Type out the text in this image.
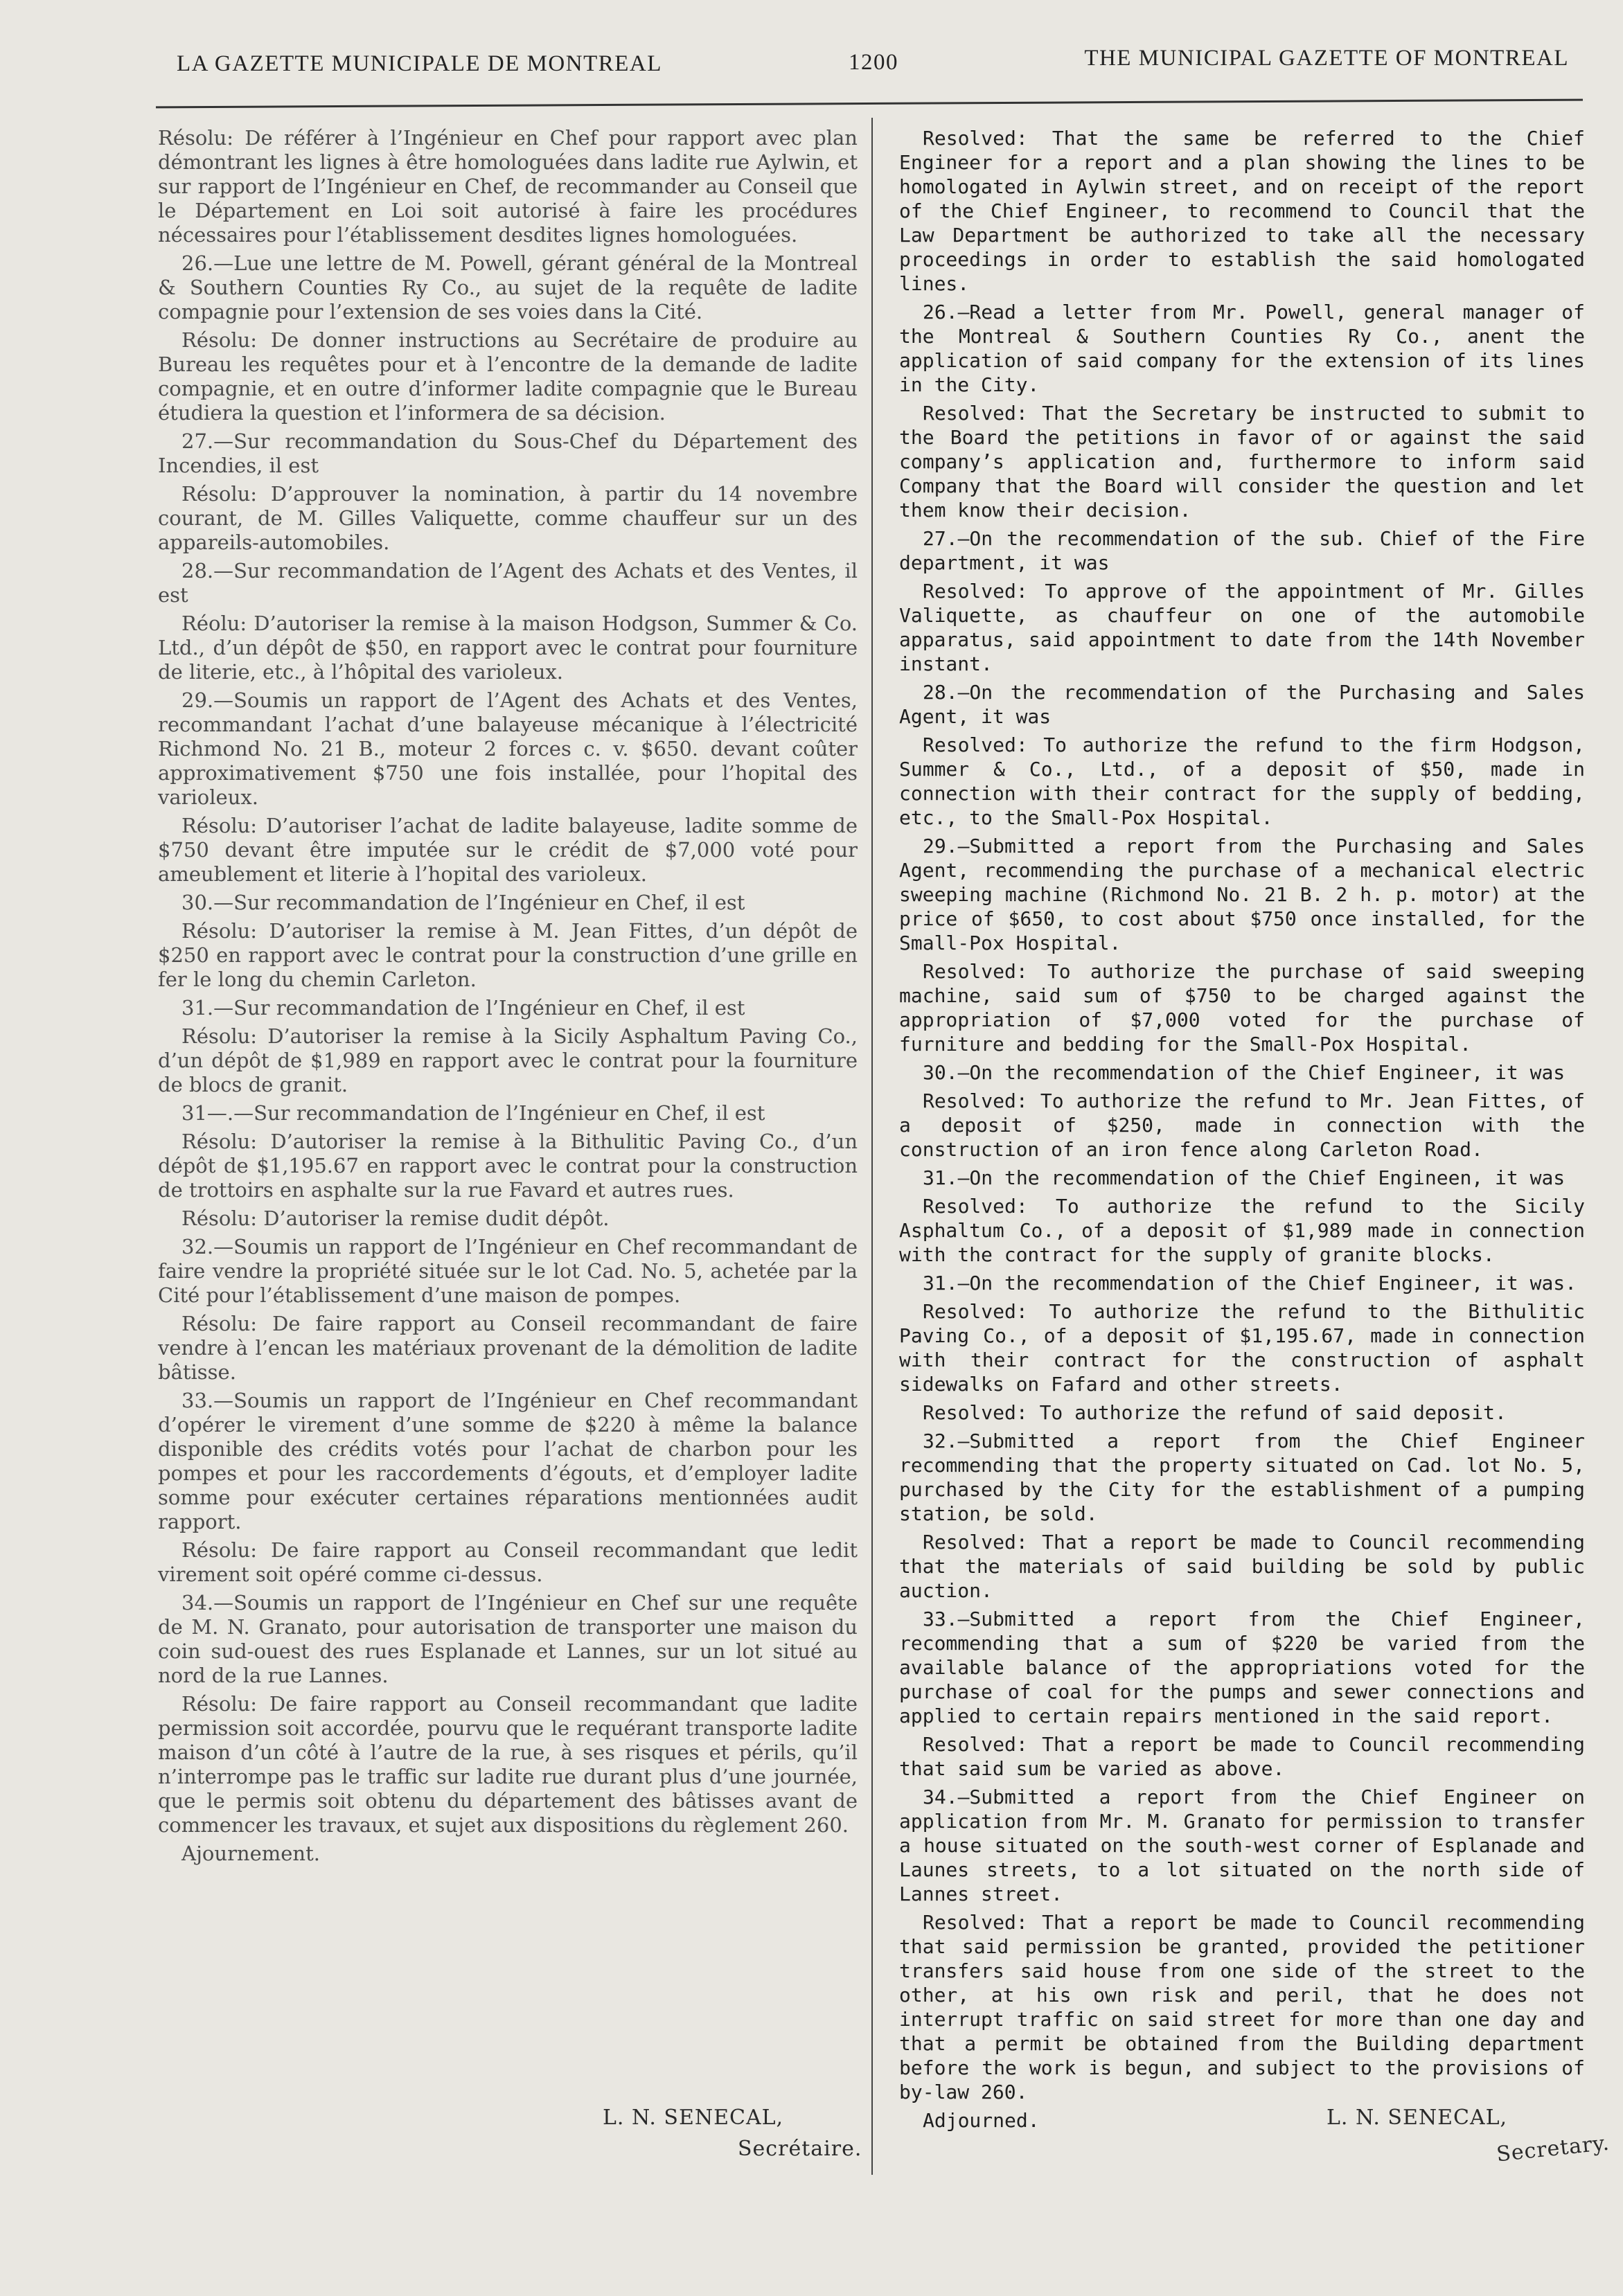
LA GAZETTE MUNICIPALE DE MONTREAL	1200	THE MUNICIPAL GAZETTE OF MONTREAL

Résolu: De référer à l’Ingénieur en Chef pour rapport avec plan démontrant les lignes à être homologuées dans ladite rue Aylwin, et sur rapport de l’Ingénieur en Chef, de recommander au Conseil que le Département en Loi soit autorisé à faire les procédures nécessaires pour l’établissement desdites lignes homologuées.

26.—Lue une lettre de M. Powell, gérant général de la Montreal & Southern Counties Ry Co., au sujet de la requête de ladite compagnie pour l’extension de ses voies dans la Cité.

Résolu: De donner instructions au Secrétaire de produire au Bureau les requêtes pour et à l’encontre de la demande de ladite compagnie, et en outre d’informer ladite compagnie que le Bureau étudiera la question et l’informera de sa décision.

27.—Sur recommandation du Sous-Chef du Département des Incendies, il est

Résolu: D’approuver la nomination, à partir du 14 novembre courant, de M. Gilles Valiquette, comme chauffeur sur un des appareils-automobiles.

28.—Sur recommandation de l’Agent des Achats et des Ventes, il est

Réolu: D’autoriser la remise à la maison Hodgson, Summer & Co. Ltd., d’un dépôt de $50, en rapport avec le contrat pour fourniture de literie, etc., à l’hôpital des varioleux.

29.—Soumis un rapport de l’Agent des Achats et des Ventes, recommandant l’achat d’une balayeuse mécanique à l’électricité Richmond No. 21 B., moteur 2 forces c. v. $650. devant coûter approximativement $750 une fois installée, pour l’hopital des varioleux.

Résolu: D’autoriser l’achat de ladite balayeuse, ladite somme de $750 devant être imputée sur le crédit de $7,000 voté pour ameublement et literie à l’hopital des varioleux.

30.—Sur recommandation de l’Ingénieur en Chef, il est

Résolu: D’autoriser la remise à M. Jean Fittes, d’un dépôt de $250 en rapport avec le contrat pour la construction d’une grille en fer le long du chemin Carleton.

31.—Sur recommandation de l’Ingénieur en Chef, il est

Résolu: D’autoriser la remise à la Sicily Asphaltum Paving Co., d’un dépôt de $1,989 en rapport avec le contrat pour la fourniture de blocs de granit.

31—.—Sur recommandation de l’Ingénieur en Chef, il est

Résolu: D’autoriser la remise à la Bithulitic Paving Co., d’un dépôt de $1,195.67 en rapport avec le contrat pour la construction de trottoirs en asphalte sur la rue Favard et autres rues.

Résolu: D’autoriser la remise dudit dépôt.

32.—Soumis un rapport de l’Ingénieur en Chef recommandant de faire vendre la propriété située sur le lot Cad. No. 5, achetée par la Cité pour l’établissement d’une maison de pompes.

Résolu: De faire rapport au Conseil recommandant de faire vendre à l’encan les matériaux provenant de la démolition de ladite bâtisse.

33.—Soumis un rapport de l’Ingénieur en Chef recommandant d’opérer le virement d’une somme de $220 à même la balance disponible des crédits votés pour l’achat de charbon pour les pompes et pour les raccordements d’égouts, et d’employer ladite somme pour exécuter certaines réparations mentionnées audit rapport.

Résolu: De faire rapport au Conseil recommandant que ledit virement soit opéré comme ci-dessus.

34.—Soumis un rapport de l’Ingénieur en Chef sur une requête de M. N. Granato, pour autorisation de transporter une maison du coin sud-ouest des rues Esplanade et Lannes, sur un lot situé au nord de la rue Lannes.

Résolu: De faire rapport au Conseil recommandant que ladite permission soit accordée, pourvu que le requérant transporte ladite maison d’un côté à l’autre de la rue, à ses risques et périls, qu’il n’interrompe pas le traffic sur ladite rue durant plus d’une journée, que le permis soit obtenu du département des bâtisses avant de commencer les travaux, et sujet aux dispositions du règlement 260.

Ajournement.

Resolved: That the same be referred to the Chief Engineer for a report and a plan showing the lines to be homologated in Aylwin street, and on receipt of the report of the Chief Engineer, to recommend to Council that the Law Department be authorized to take all the necessary proceedings in order to establish the said homologated lines.

26.—Read a letter from Mr. Powell, general manager of the Montreal & Southern Counties Ry Co., anent the application of said company for the extension of its lines in the City.

Resolved: That the Secretary be instructed to submit to the Board the petitions in favor of or against the said company’s application and, furthermore to inform said Company that the Board will consider the question and let them know their decision.

27.—On the recommendation of the sub. Chief of the Fire department, it was

Resolved: To approve of the appointment of Mr. Gilles Valiquette, as chauffeur on one of the automobile apparatus, said appointment to date from the 14th November instant.

28.—On the recommendation of the Purchasing and Sales Agent, it was

Resolved: To authorize the refund to the firm Hodgson, Summer & Co., Ltd., of a deposit of $50, made in connection with their contract for the supply of bedding, etc., to the Small-Pox Hospital.

29.—Submitted a report from the Purchasing and Sales Agent, recommending the purchase of a mechanical electric sweeping machine (Richmond No. 21 B. 2 h. p. motor) at the price of $650, to cost about $750 once installed, for the Small-Pox Hospital.

Resolved: To authorize the purchase of said sweeping machine, said sum of $750 to be charged against the appropriation of $7,000 voted for the purchase of furniture and bedding for the Small-Pox Hospital.

30.—On the recommendation of the Chief Engineer, it was

Resolved: To authorize the refund to Mr. Jean Fittes, of a deposit of $250, made in connection with the construction of an iron fence along Carleton Road.

31.—On the recommendation of the Chief Engineen, it was

Resolved: To authorize the refund to the Sicily Asphaltum Co., of a deposit of $1,989 made in connection with the contract for the supply of granite blocks.

31.—On the recommendation of the Chief Engineer, it was.

Resolved: To authorize the refund to the Bithulitic Paving Co., of a deposit of $1,195.67, made in connection with their contract for the construction of asphalt sidewalks on Fafard and other streets.

Resolved: To authorize the refund of said deposit.

32.—Submitted a report from the Chief Engineer recommending that the property situated on Cad. lot No. 5, purchased by the City for the establishment of a pumping station, be sold.

Resolved: That a report be made to Council recommending that the materials of said building be sold by public auction.

33.—Submitted a report from the Chief Engineer, recommending that a sum of $220 be varied from the available balance of the appropriations voted for the purchase of coal for the pumps and sewer connections and applied to certain repairs mentioned in the said report.

Resolved: That a report be made to Council recommending that said sum be varied as above.

34.—Submitted a report from the Chief Engineer on application from Mr. M. Granato for permission to transfer a house situated on the south-west corner of Esplanade and Launes streets, to a lot situated on the north side of Lannes street.

Resolved: That a report be made to Council recommending that said permission be granted, provided the petitioner transfers said house from one side of the street to the other, at his own risk and peril, that he does not interrupt traffic on said street for more than one day and that a permit be obtained from the Building department before the work is begun, and subject to the provisions of by-law 260.

Adjourned.

L. N. SENECAL,
Secrétaire.
L. N. SENECAL,
Secretary.
